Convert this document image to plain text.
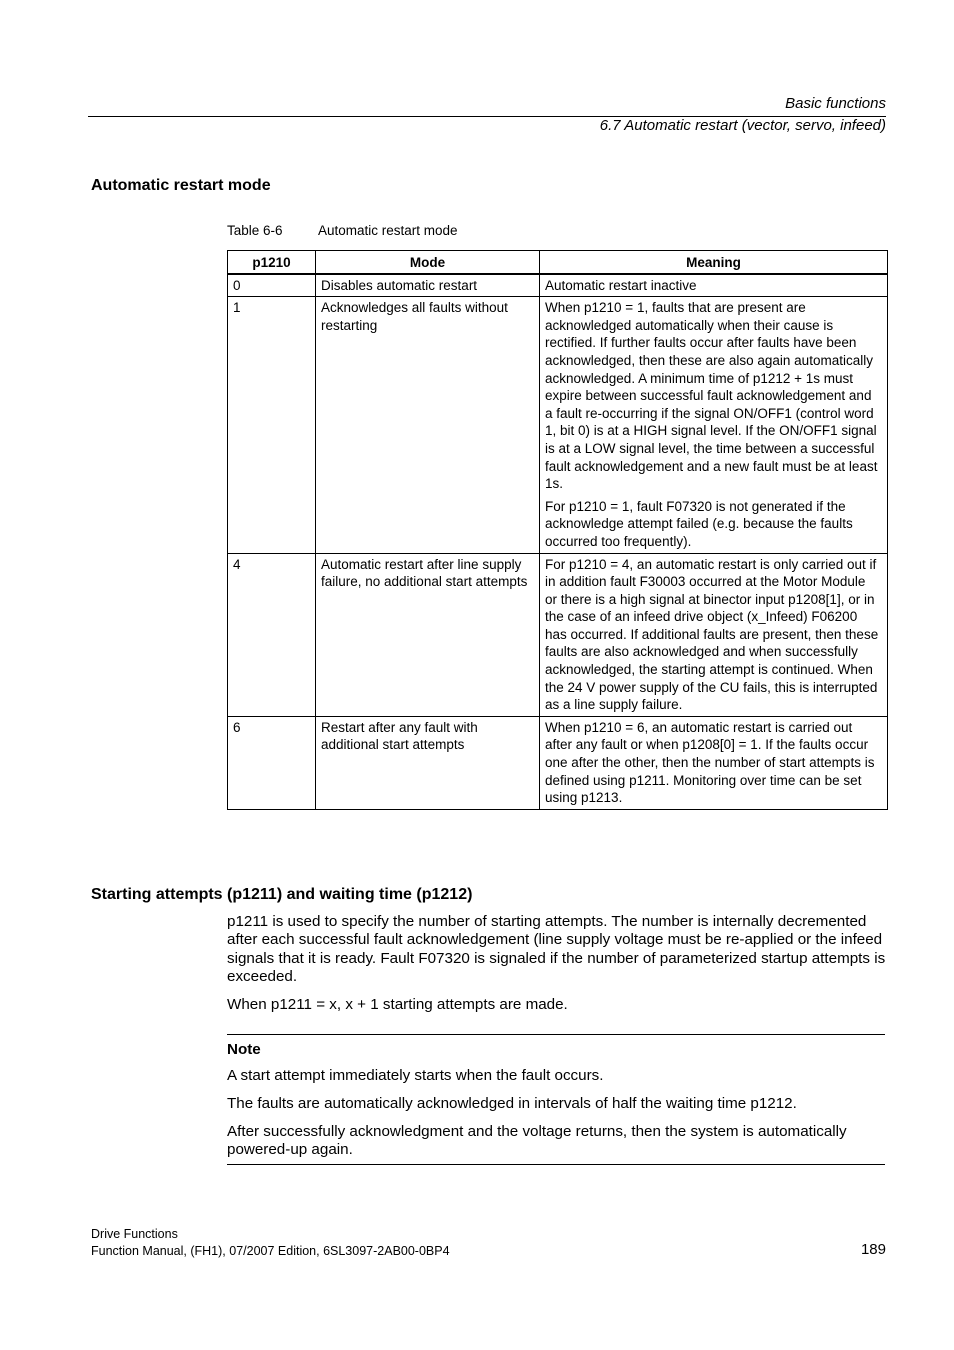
Basic functions
6.7 Automatic restart (vector, servo, infeed)
Automatic restart mode
Table 6-6	Automatic restart mode
p1210	Mode	Meaning
0	Disables automatic restart	Automatic restart inactive

1	Acknowledges all faults without restarting	When p1210 = 1, faults that are present are acknowledged automatically when their cause is rectified. If further faults occur after faults have been acknowledged, then these are also again automatically acknowledged. A minimum time of p1212 + 1s must expire between successful fault acknowledgement and a fault re-occurring if the signal ON/OFF1 (control word 1, bit 0) is at a HIGH signal level. If the ON/OFF1 signal is at a LOW signal level, the time between a successful fault acknowledgement and a new fault must be at least 1s.

For p1210 = 1, fault F07320 is not generated if the acknowledge attempt failed (e.g. because the faults occurred too frequently).

4	Automatic restart after line supply failure, no additional start attempts	For p1210 = 4, an automatic restart is only carried out if in addition fault F30003 occurred at the Motor Module or there is a high signal at binector input p1208[1], or in the case of an infeed drive object (x_Infeed) F06200 has occurred. If additional faults are present, then these faults are also acknowledged and when successfully acknowledged, the starting attempt is continued. When the 24 V power supply of the CU fails, this is interrupted as a line supply failure.

6	Restart after any fault with additional start attempts	When p1210 = 6, an automatic restart is carried out after any fault or when p1208[0] = 1. If the faults occur one after the other, then the number of start attempts is defined using p1211. Monitoring over time can be set using p1213.

Starting attempts (p1211) and waiting time (p1212)

p1211 is used to specify the number of starting attempts. The number is internally decremented after each successful fault acknowledgement (line supply voltage must be re-applied or the infeed signals that it is ready. Fault F07320 is signaled if the number of parameterized startup attempts is exceeded.

When p1211 = x, x + 1 starting attempts are made.

Note
A start attempt immediately starts when the fault occurs.
The faults are automatically acknowledged in intervals of half the waiting time p1212.
After successfully acknowledgment and the voltage returns, then the system is automatically powered-up again.
Drive Functions
Function Manual, (FH1), 07/2007 Edition, 6SL3097-2AB00-0BP4	189
